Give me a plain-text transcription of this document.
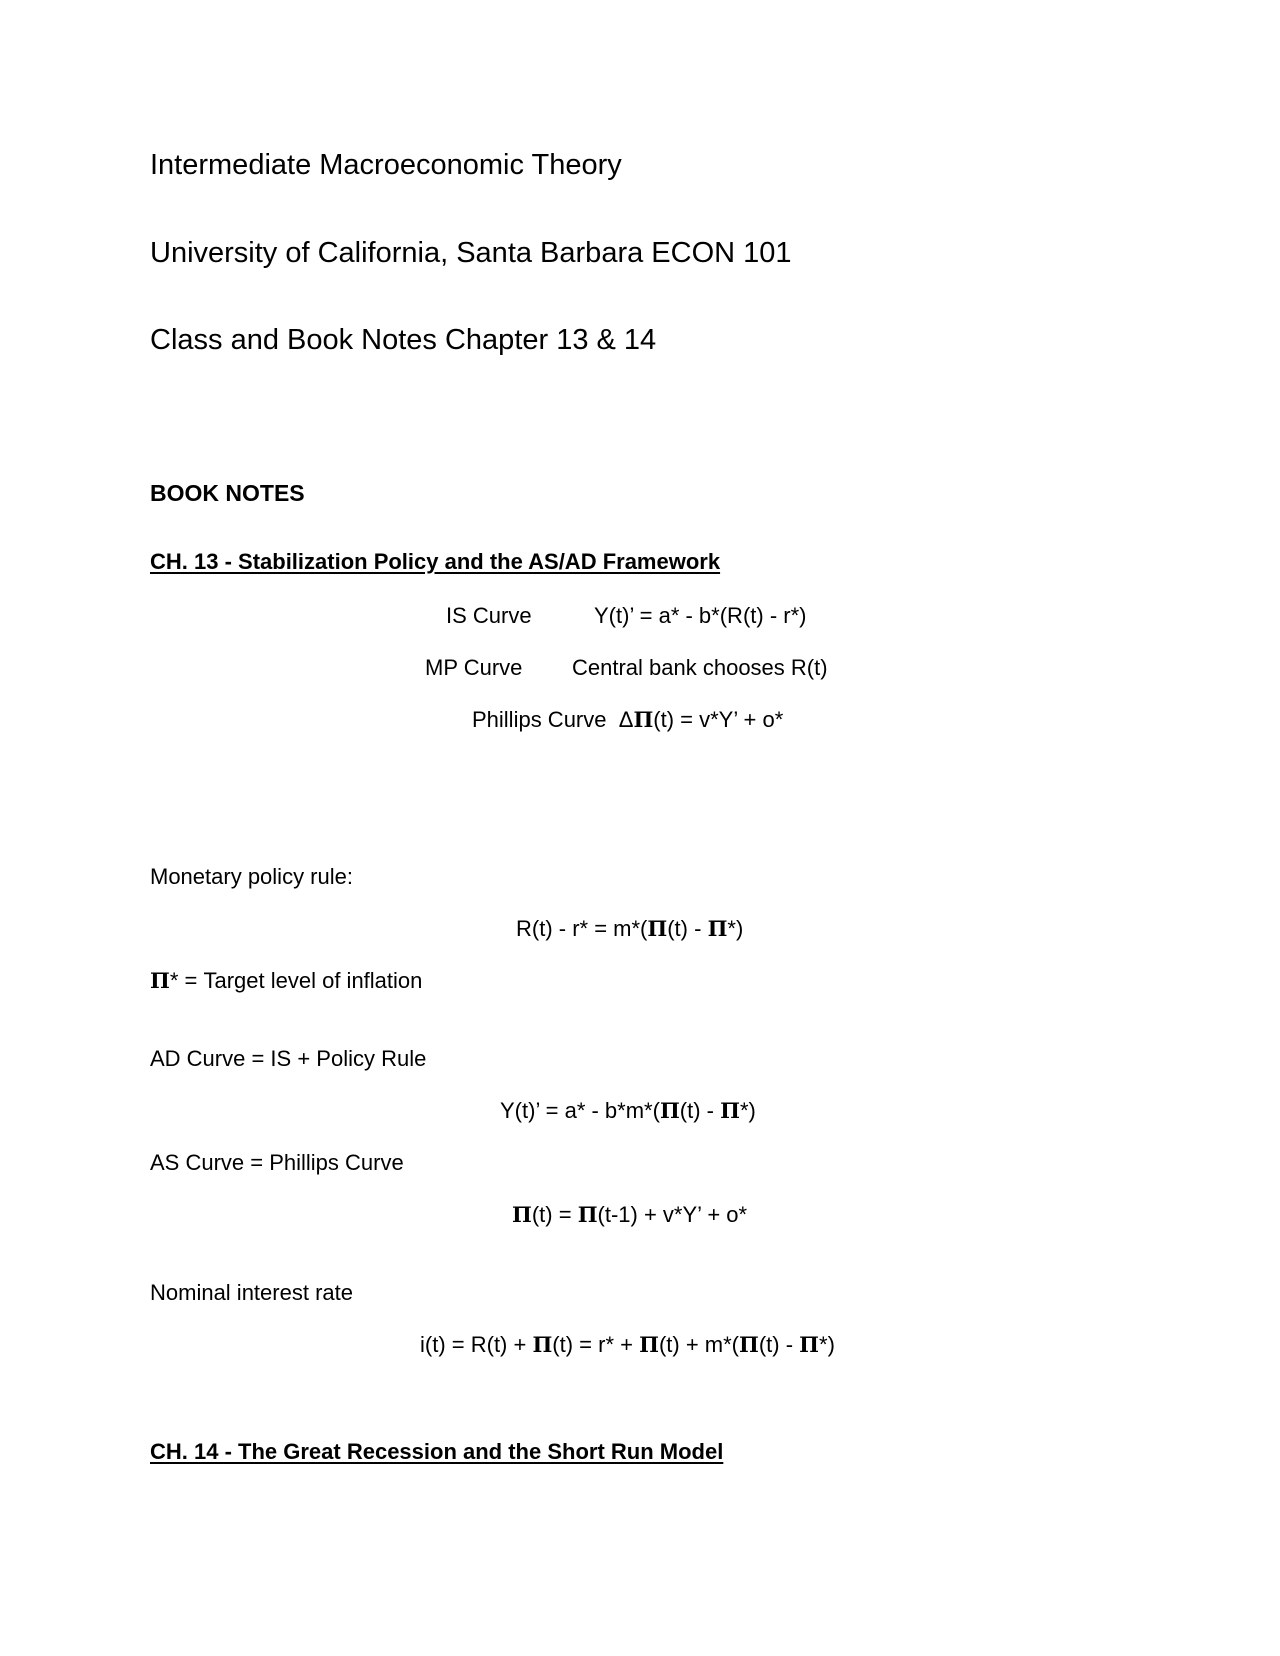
Intermediate Macroeconomic Theory
University of California, Santa Barbara ECON 101
Class and Book Notes Chapter 13 & 14
BOOK NOTES
CH. 13 - Stabilization Policy and the AS/AD Framework
IS Curve	Y(t)’ = a* - b*(R(t) - r*)
MP Curve Central bank chooses R(t)
Phillips Curve ΔΠ(t) = v*Y’ + o*
Monetary policy rule:
R(t) - r* = m*(Π(t) - Π*)
Π* = Target level of inflation
AD Curve = IS + Policy Rule
Y(t)’ = a* - b*m*(Π(t) - Π*)
AS Curve = Phillips Curve
Π(t) = Π(t-1) + v*Y’ + o*
Nominal interest rate
i(t) = R(t) + Π(t) = r* + Π(t) + m*(Π(t) - Π*)
CH. 14 - The Great Recession and the Short Run Model
